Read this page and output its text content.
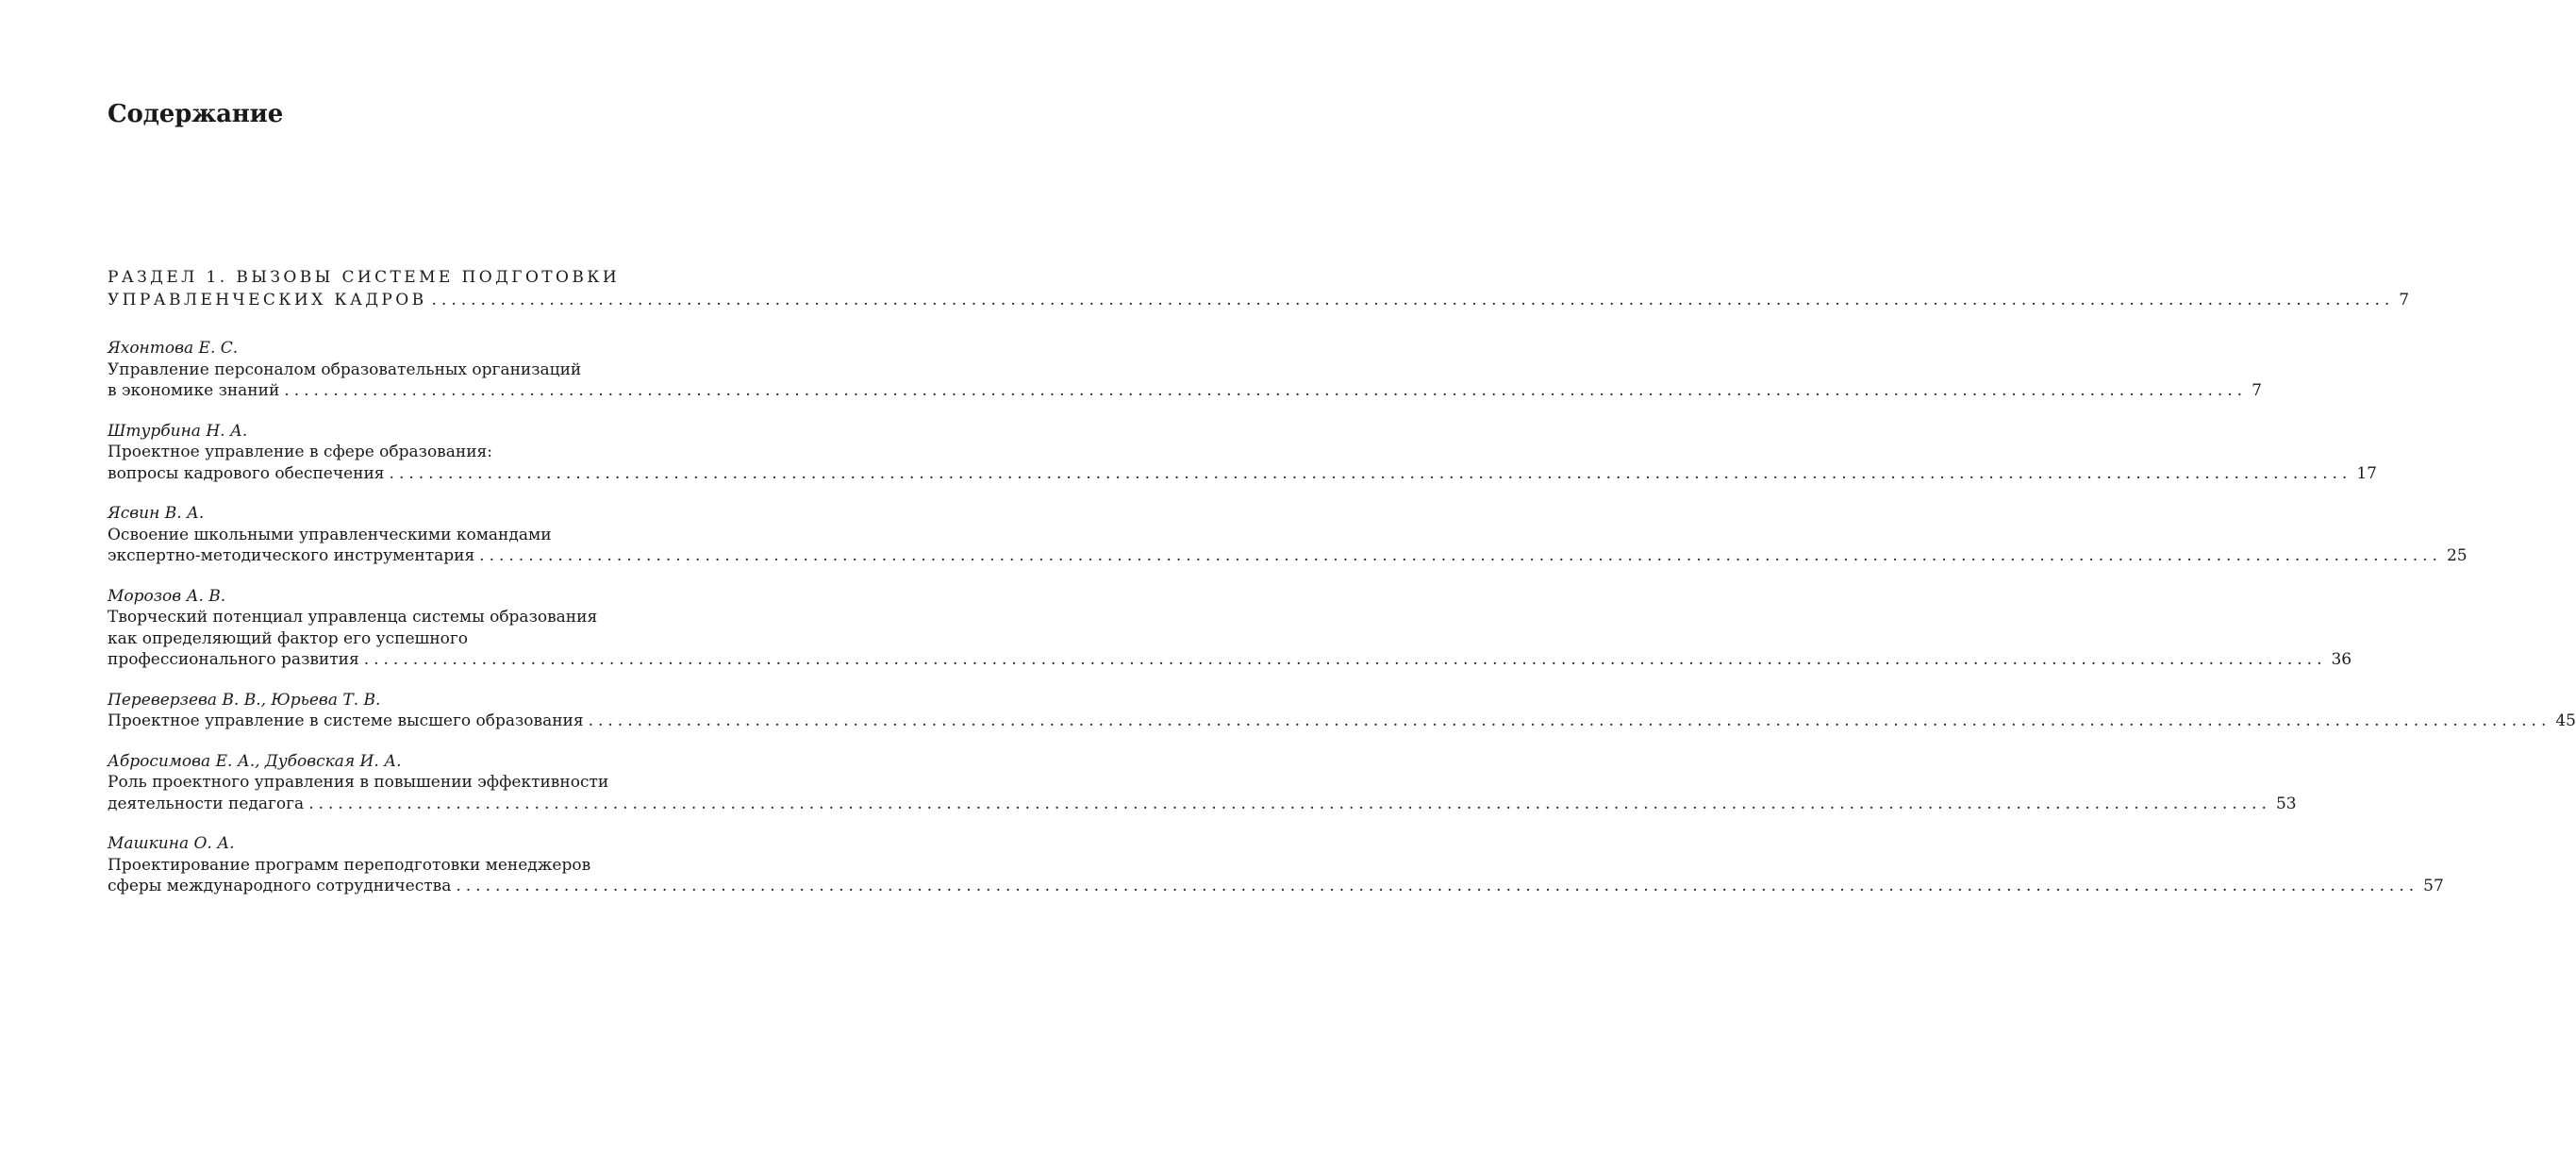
Содержание
РАЗДЕЛ 1. ВЫЗОВЫ СИСТЕМЕ ПОДГОТОВКИ
УПРАВЛЕНЧЕСКИХ КАДРОВ ........................................................................................................................................................................................................ 7
Яхонтова Е. С.
Управление персоналом образовательных организаций
в экономике знаний ........................................................................................................................................................................................................ 7
Штурбина Н. А.
Проектное управление в сфере образования:
вопросы кадрового обеспечения ........................................................................................................................................................................................................ 17
Ясвин В. А.
Освоение школьными управленческими командами
экспертно-методического инструментария ........................................................................................................................................................................................................ 25
Морозов А. В.
Творческий потенциал управленца системы образования
как определяющий фактор его успешного
профессионального развития ........................................................................................................................................................................................................ 36
Переверзева В. В., Юрьева Т. В.
Проектное управление в системе высшего образования ........................................................................................................................................................................................................ 45
Абросимова Е. А., Дубовская И. А.
Роль проектного управления в повышении эффективности
деятельности педагога ........................................................................................................................................................................................................ 53
Машкина О. А.
Проектирование программ переподготовки менеджеров
сферы международного сотрудничества ........................................................................................................................................................................................................ 57
